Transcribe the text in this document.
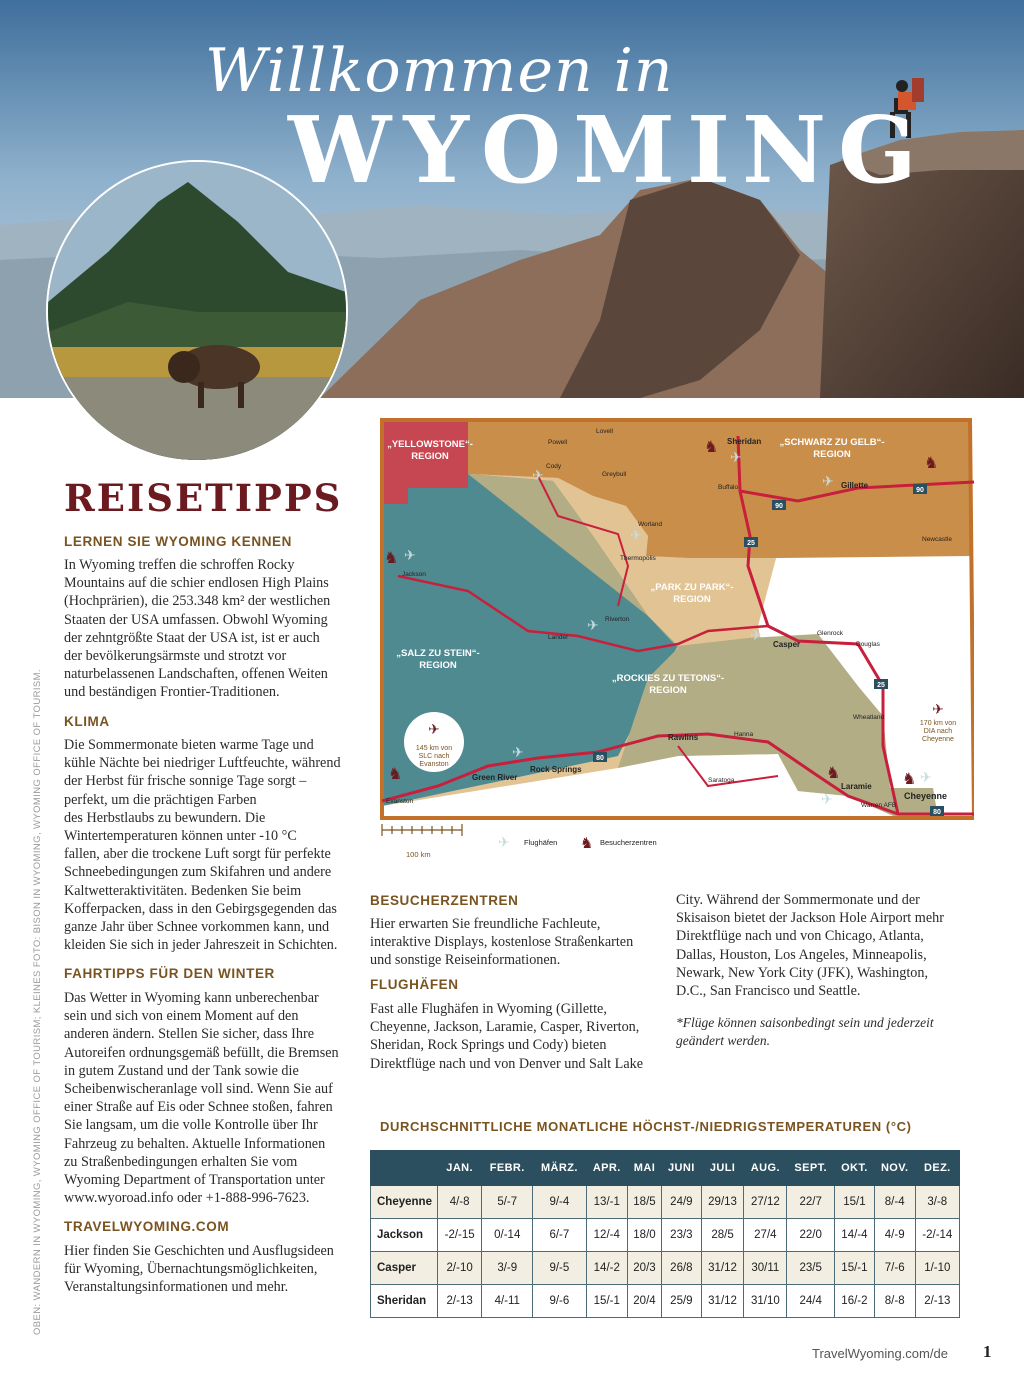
Willkommen in
WYOMING
OBEN: WANDERN IN WYOMING, WYOMING OFFICE OF TOURISM; KLEINES FOTO: BISON IN WYOMING, WYOMING OFFICE OF TOURISM.
REISETIPPS
LERNEN SIE WYOMING KENNEN
In Wyoming treffen die schroffen Rocky
Mountains auf die schier endlosen High Plains
(Hochprärien), die 253.348 km² der westlichen
Staaten der USA umfassen. Obwohl Wyoming
der zehntgrößte Staat der USA ist, ist er auch
der bevölkerungsärmste und strotzt vor
naturbelassenen Landschaften, offenen Weiten
und beständigen Frontier-Traditionen.
KLIMA
Die Sommermonate bieten warme Tage und
kühle Nächte bei niedriger Luftfeuchte, während
der Herbst für frische sonnige Tage sorgt –
perfekt, um die prächtigen Farben
des Herbstlaubs zu bewundern. Die
Wintertemperaturen können unter -10 °C
fallen, aber die trockene Luft sorgt für perfekte
Schneebedingungen zum Skifahren und andere
Kaltwetteraktivitäten. Bedenken Sie beim
Kofferpacken, dass in den Gebirgsgegenden das
ganze Jahr über Schnee vorkommen kann, und
kleiden Sie sich in jeder Jahreszeit in Schichten.
FAHRTIPPS FÜR DEN WINTER
Das Wetter in Wyoming kann unberechenbar
sein und sich von einem Moment auf den
anderen ändern. Stellen Sie sicher, dass Ihre
Autoreifen ordnungsgemäß befüllt, die Bremsen
in gutem Zustand und der Tank sowie die
Scheibenwischeranlage voll sind. Wenn Sie auf
einer Straße auf Eis oder Schnee stoßen, fahren
Sie langsam, um die volle Kontrolle über Ihr
Fahrzeug zu behalten. Aktuelle Informationen
zu Straßenbedingungen erhalten Sie vom
Wyoming Department of Transportation unter
www.wyoroad.info oder +1-888-996-7623.
TRAVELWYOMING.COM
Hier finden Sie Geschichten und Ausflugsideen
für Wyoming, Übernachtungsmöglichkeiten,
Veranstaltungsinformationen und mehr.
„YELLOWSTONE“-REGION
„SCHWARZ ZU GELB“-REGION
„PARK ZU PARK“-REGION
„SALZ ZU STEIN“-REGION
„ROCKIES ZU TETONS“-REGION
Lovell
Powell	Sheridan
Cody
Greybull
Buffalo	Gillette
Worland
Newcastle
Thermopolis
Jackson
Riverton
Lander
Glenrock
Casper	Douglas
Wheatland
Hanna
Rawlins
Rock Springs
Green River	Saratoga
Laramie
Cheyenne
Evanston
Warren AFB
90
90
25
25
80
80
✈
✈
✈
✈
✈
✈
✈
✈
✈
✈
♞
♞
♞
♞	♞	♞
✈
145 km von SLC nach Evanston
✈
170 km von DIA nach Cheyenne
100 km
✈ Flughäfen ♞ Besucherzentren
BESUCHERZENTREN
Hier erwarten Sie freundliche Fachleute,
interaktive Displays, kostenlose Straßenkarten
und sonstige Reiseinformationen.
FLUGHÄFEN
Fast alle Flughäfen in Wyoming (Gillette,
Cheyenne, Jackson, Laramie, Casper, Riverton,
Sheridan, Rock Springs und Cody) bieten
Direktflüge nach und von Denver und Salt Lake
City. Während der Sommermonate und der
Skisaison bietet der Jackson Hole Airport mehr
Direktflüge nach und von Chicago, Atlanta,
Dallas, Houston, Los Angeles, Minneapolis,
Newark, New York City (JFK), Washington,
D.C., San Francisco und Seattle.
*Flüge können saisonbedingt sein und jederzeit
geändert werden.
DURCHSCHNITTLICHE MONATLICHE HÖCHST-/NIEDRIGSTEMPERATUREN (°C)
	JAN.	FEBR.	MÄRZ.	APR.	MAI	JUNI	JULI	AUG.	SEPT.	OKT.	NOV.	DEZ.
Cheyenne	4/-8	5/-7	9/-4	13/-1	18/5	24/9	29/13	27/12	22/7	15/1	8/-4	3/-8
Jackson	-2/-15	0/-14	6/-7	12/-4	18/0	23/3	28/5	27/4	22/0	14/-4	4/-9	-2/-14
Casper	2/-10	3/-9	9/-5	14/-2	20/3	26/8	31/12	30/11	23/5	15/-1	7/-6	1/-10
Sheridan	2/-13	4/-11	9/-6	15/-1	20/4	25/9	31/12	31/10	24/4	16/-2	8/-8	2/-13
TravelWyoming.com/de 1
